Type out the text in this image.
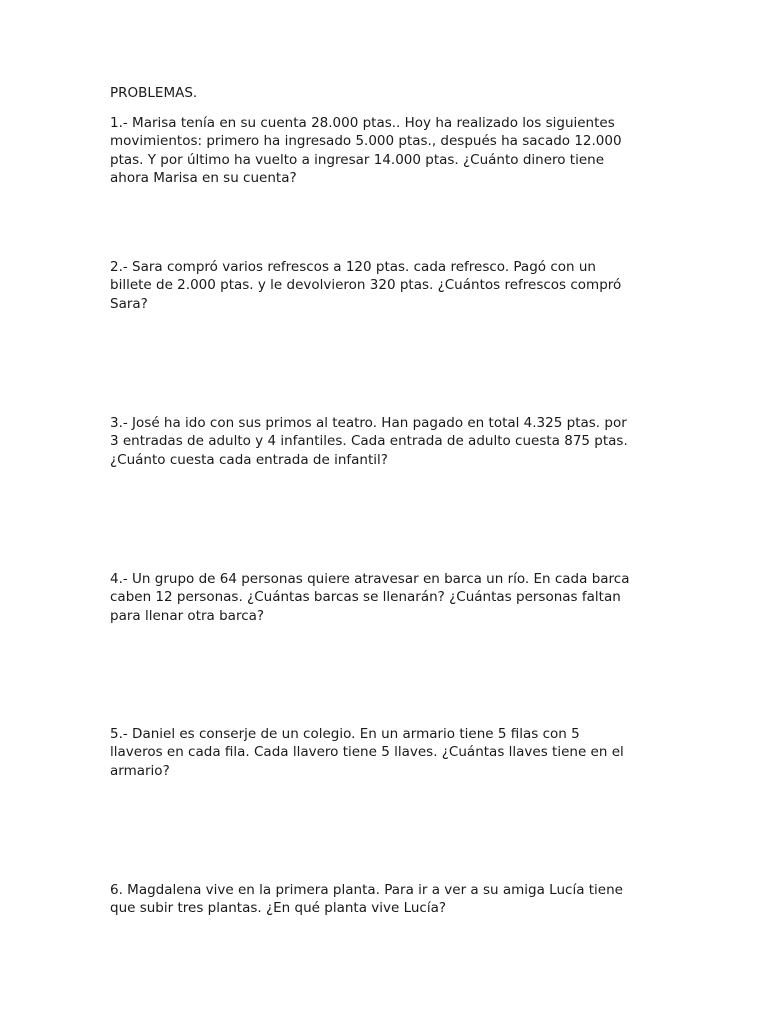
PROBLEMAS.

1.- Marisa tenía en su cuenta 28.000 ptas.. Hoy ha realizado los siguientes
movimientos: primero ha ingresado 5.000 ptas., después ha sacado 12.000
ptas. Y por último ha vuelto a ingresar 14.000 ptas. ¿Cuánto dinero tiene
ahora Marisa en su cuenta?

2.- Sara compró varios refrescos a 120 ptas. cada refresco. Pagó con un
billete de 2.000 ptas. y le devolvieron 320 ptas. ¿Cuántos refrescos compró
Sara?

3.- José ha ido con sus primos al teatro. Han pagado en total 4.325 ptas. por
3 entradas de adulto y 4 infantiles. Cada entrada de adulto cuesta 875 ptas.
¿Cuánto cuesta cada entrada de infantil?

4.- Un grupo de 64 personas quiere atravesar en barca un río. En cada barca
caben 12 personas. ¿Cuántas barcas se llenarán? ¿Cuántas personas faltan
para llenar otra barca?

5.- Daniel es conserje de un colegio. En un armario tiene 5 filas con 5
llaveros en cada fila. Cada llavero tiene 5 llaves. ¿Cuántas llaves tiene en el
armario?

6. Magdalena vive en la primera planta. Para ir a ver a su amiga Lucía tiene
que subir tres plantas. ¿En qué planta vive Lucía?
